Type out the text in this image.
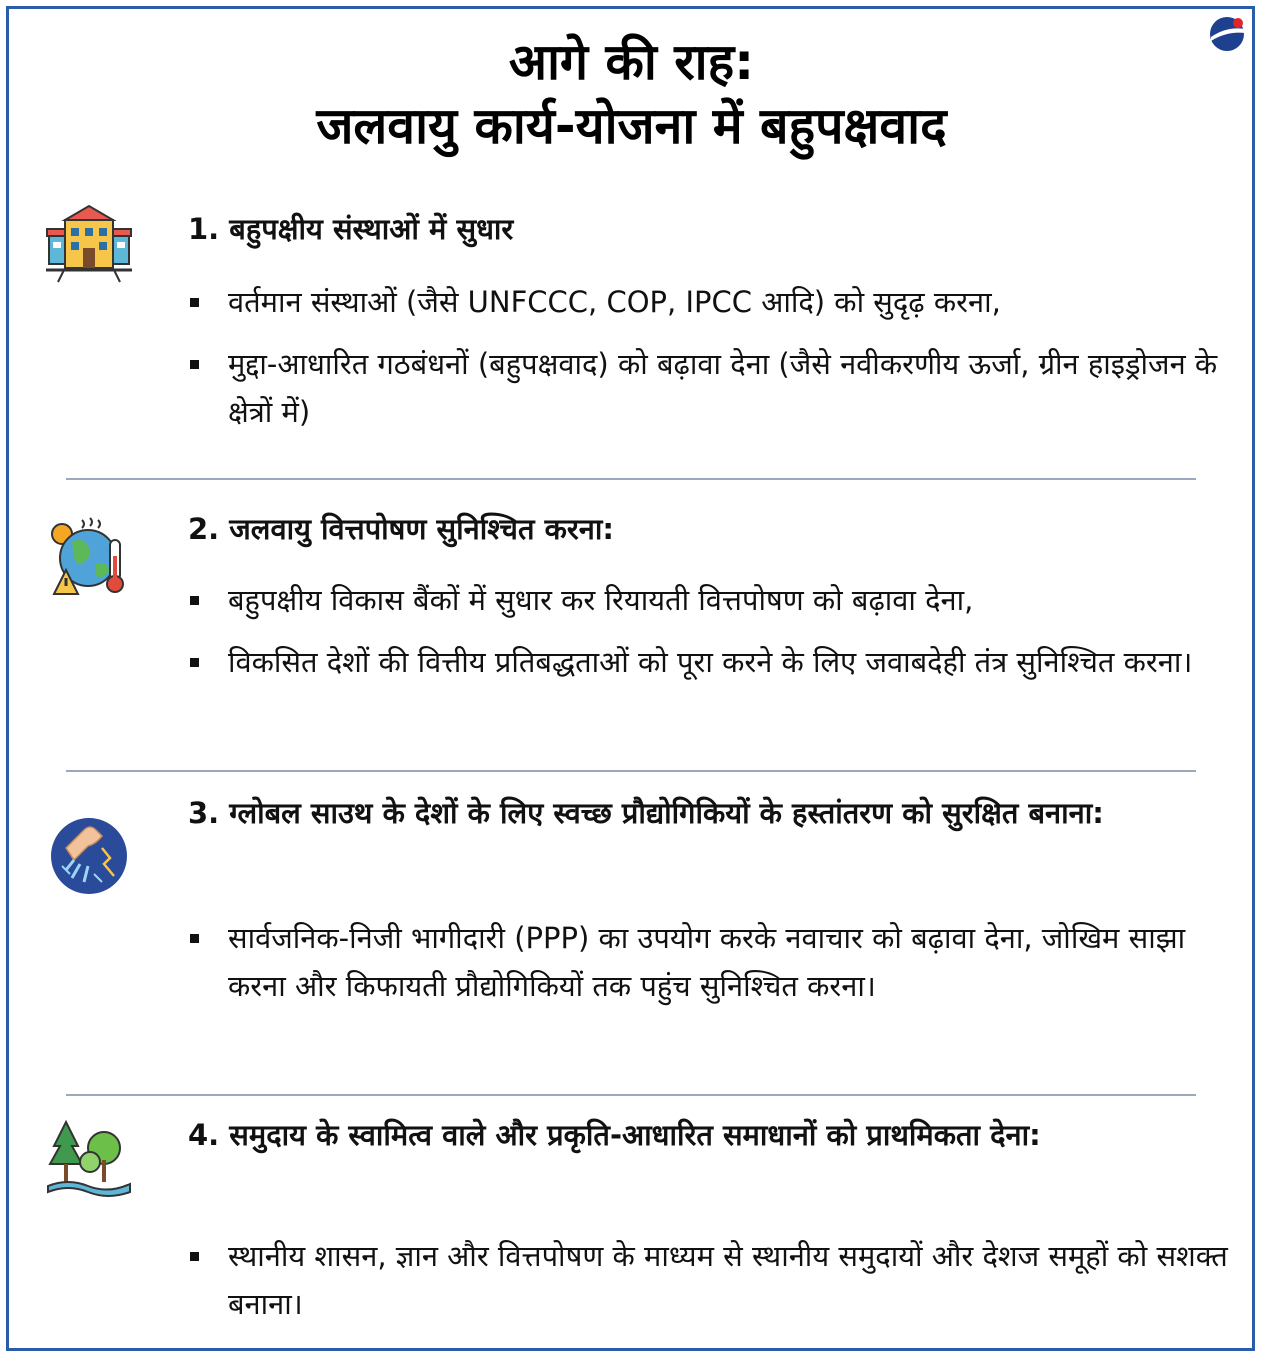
आगे की राह:
जलवायु कार्य-योजना में बहुपक्षवाद
1. बहुपक्षीय संस्थाओं में सुधार
वर्तमान संस्थाओं (जैसे UNFCCC, COP, IPCC आदि) को सुदृढ़ करना,
मुद्दा-आधारित गठबंधनों (बहुपक्षवाद) को बढ़ावा देना (जैसे नवीकरणीय ऊर्जा, ग्रीन हाइड्रोजन के क्षेत्रों में)
2. जलवायु वित्तपोषण सुनिश्चित करना:
बहुपक्षीय विकास बैंकों में सुधार कर रियायती वित्तपोषण को बढ़ावा देना,
विकसित देशों की वित्तीय प्रतिबद्धताओं को पूरा करने के लिए जवाबदेही तंत्र सुनिश्चित करना।
3. ग्लोबल साउथ के देशों के लिए स्वच्छ प्रौद्योगिकियों के हस्तांतरण को सुरक्षित बनाना:
सार्वजनिक-निजी भागीदारी (PPP) का उपयोग करके नवाचार को बढ़ावा देना, जोखिम साझा करना और किफायती प्रौद्योगिकियों तक पहुंच सुनिश्चित करना।
4. समुदाय के स्वामित्व वाले और प्रकृति-आधारित समाधानों को प्राथमिकता देना:
स्थानीय शासन, ज्ञान और वित्तपोषण के माध्यम से स्थानीय समुदायों और देशज समूहों को सशक्त बनाना।
